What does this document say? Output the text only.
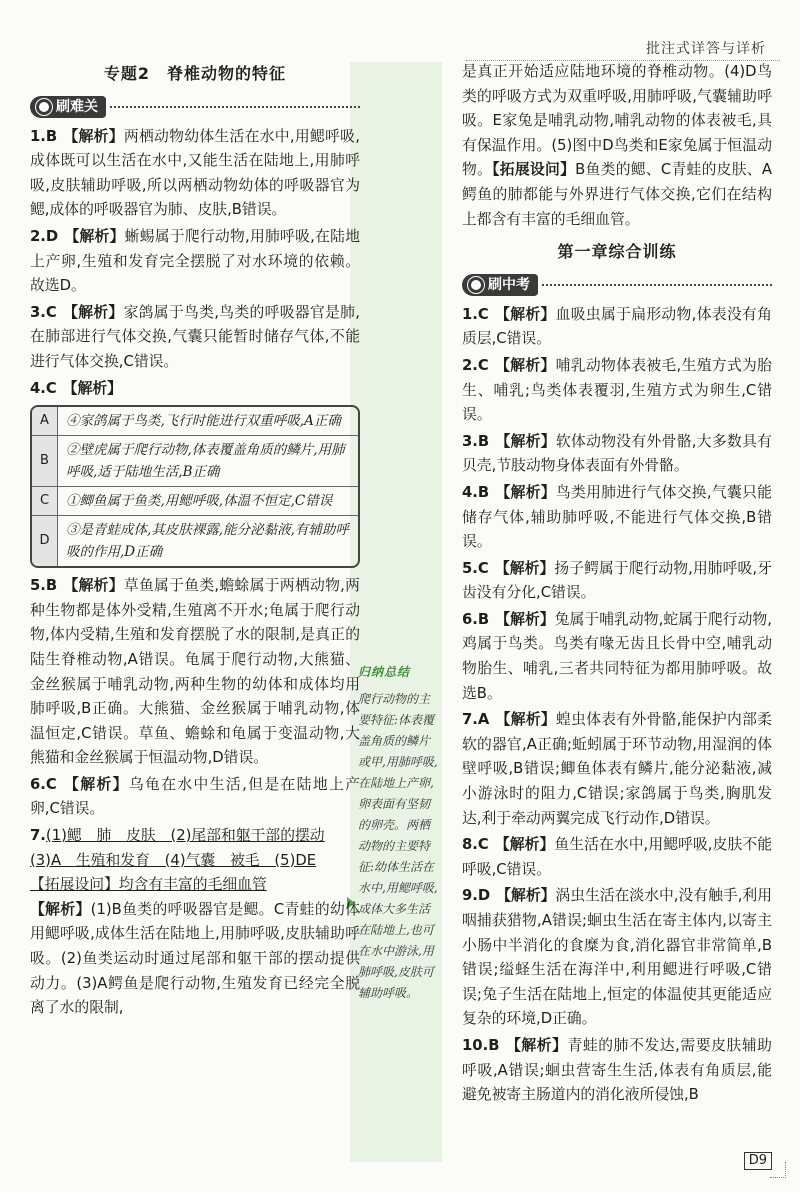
批注式详答与详析
归纳总结
爬行动物的主要特征:体表覆盖角质的鳞片或甲,用肺呼吸,在陆地上产卵,卵表面有坚韧的卵壳。两栖动物的主要特征:幼体生活在水中,用鳃呼吸,成体大多生活在陆地上,也可在水中游泳,用肺呼吸,皮肤可辅助呼吸。
专题2　脊椎动物的特征
刷难关
1.B 【解析】两栖动物幼体生活在水中,用鳃呼吸,成体既可以生活在水中,又能生活在陆地上,用肺呼吸,皮肤辅助呼吸,所以两栖动物幼体的呼吸器官为鳃,成体的呼吸器官为肺、皮肤,B错误。
2.D 【解析】蜥蜴属于爬行动物,用肺呼吸,在陆地上产卵,生殖和发育完全摆脱了对水环境的依赖。故选D。
3.C 【解析】家鸽属于鸟类,鸟类的呼吸器官是肺,在肺部进行气体交换,气囊只能暂时储存气体,不能进行气体交换,C错误。
4.C 【解析】
A	④家鸽属于鸟类,飞行时能进行双重呼吸,A正确
B
②壁虎属于爬行动物,体表覆盖角质的鳞片,用肺呼吸,适于陆地生活,B正确
C	①鲫鱼属于鱼类,用鳃呼吸,体温不恒定,C错误
D
③是青蛙成体,其皮肤裸露,能分泌黏液,有辅助呼吸的作用,D正确
5.B 【解析】草鱼属于鱼类,蟾蜍属于两栖动物,两种生物都是体外受精,生殖离不开水;龟属于爬行动物,体内受精,生殖和发育摆脱了水的限制,是真正的陆生脊椎动物,A错误。龟属于爬行动物,大熊猫、金丝猴属于哺乳动物,两种生物的幼体和成体均用肺呼吸,B正确。大熊猫、金丝猴属于哺乳动物,体温恒定,C错误。草鱼、蟾蜍和龟属于变温动物,大熊猫和金丝猴属于恒温动物,D错误。
6.C 【解析】乌龟在水中生活,但是在陆地上产卵,C错误。
7.(1)鳃　肺　皮肤　(2)尾部和躯干部的摆动
(3)A　生殖和发育　(4)气囊　被毛　(5)DE
【拓展设问】均含有丰富的毛细血管
【解析】(1)B鱼类的呼吸器官是鳃。C青蛙的幼体用鳃呼吸,成体生活在陆地上,用肺呼吸,皮肤辅助呼吸。(2)鱼类运动时通过尾部和躯干部的摆动提供动力。(3)A鳄鱼是爬行动物,生殖发育已经完全脱离了水的限制,
是真正开始适应陆地环境的脊椎动物。(4)D鸟类的呼吸方式为双重呼吸,用肺呼吸,气囊辅助呼吸。E家兔是哺乳动物,哺乳动物的体表被毛,具有保温作用。(5)图中D鸟类和E家兔属于恒温动物。【拓展设问】B鱼类的鳃、C青蛙的皮肤、A鳄鱼的肺都能与外界进行气体交换,它们在结构上都含有丰富的毛细血管。
第一章综合训练
刷中考
1.C 【解析】血吸虫属于扁形动物,体表没有角质层,C错误。
2.C 【解析】哺乳动物体表被毛,生殖方式为胎生、哺乳;鸟类体表覆羽,生殖方式为卵生,C错误。
3.B 【解析】软体动物没有外骨骼,大多数具有贝壳,节肢动物身体表面有外骨骼。
4.B 【解析】鸟类用肺进行气体交换,气囊只能储存气体,辅助肺呼吸,不能进行气体交换,B错误。
5.C 【解析】扬子鳄属于爬行动物,用肺呼吸,牙齿没有分化,C错误。
6.B 【解析】兔属于哺乳动物,蛇属于爬行动物,鸡属于鸟类。鸟类有喙无齿且长骨中空,哺乳动物胎生、哺乳,三者共同特征为都用肺呼吸。故选B。
7.A 【解析】蝗虫体表有外骨骼,能保护内部柔软的器官,A正确;蚯蚓属于环节动物,用湿润的体壁呼吸,B错误;鲫鱼体表有鳞片,能分泌黏液,减小游泳时的阻力,C错误;家鸽属于鸟类,胸肌发达,利于牵动两翼完成飞行动作,D错误。
8.C 【解析】鱼生活在水中,用鳃呼吸,皮肤不能呼吸,C错误。
9.D 【解析】涡虫生活在淡水中,没有触手,利用咽捕获猎物,A错误;蛔虫生活在寄主体内,以寄主小肠中半消化的食糜为食,消化器官非常简单,B错误;缢蛏生活在海洋中,利用鳃进行呼吸,C错误;兔子生活在陆地上,恒定的体温使其更能适应复杂的环境,D正确。
10.B 【解析】青蛙的肺不发达,需要皮肤辅助呼吸,A错误;蛔虫营寄生生活,体表有角质层,能避免被寄主肠道内的消化液所侵蚀,B
D9
